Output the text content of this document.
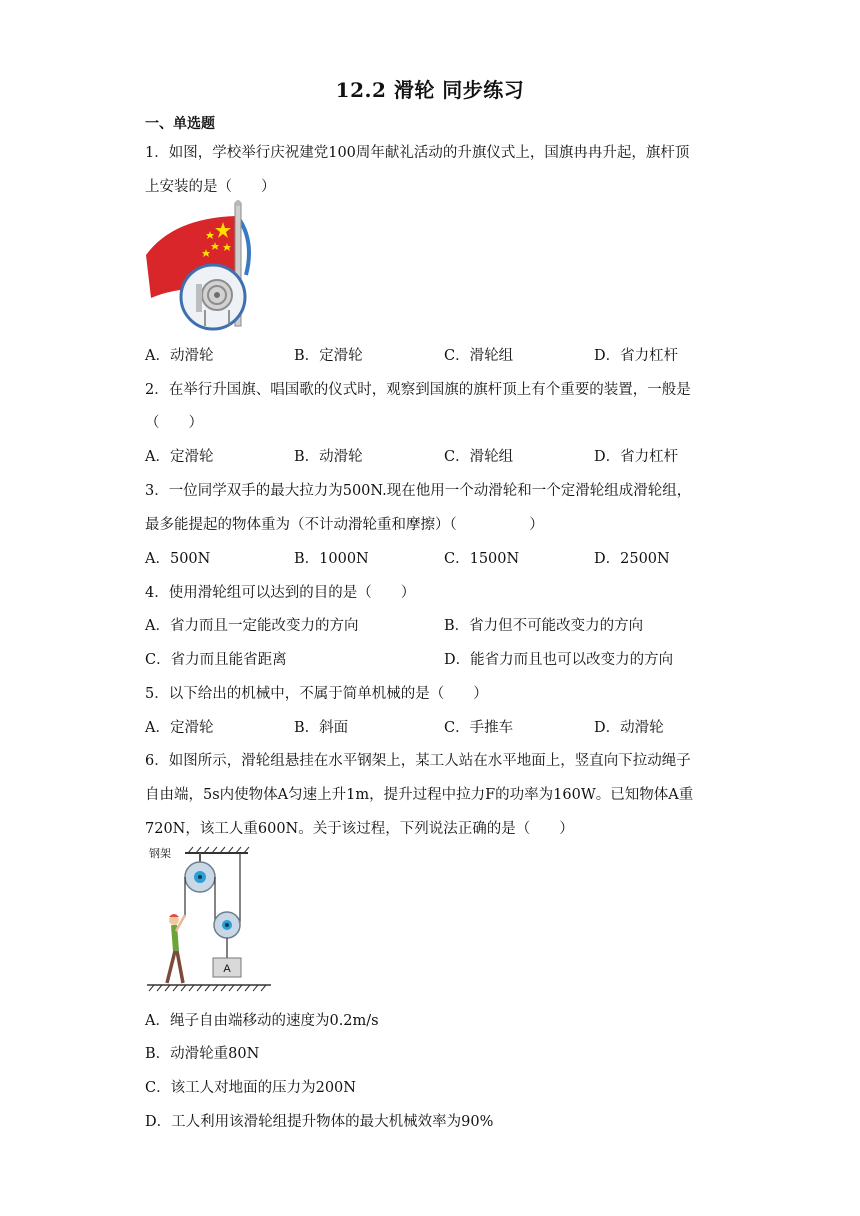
12.2 滑轮 同步练习
一、单选题
1．如图，学校举行庆祝建党100周年献礼活动的升旗仪式上，国旗冉冉升起，旗杆顶
上安装的是（　　）
A．动滑轮	B．定滑轮	C．滑轮组	D．省力杠杆
2．在举行升国旗、唱国歌的仪式时，观察到国旗的旗杆顶上有个重要的装置，一般是
（　　）
A．定滑轮	B．动滑轮	C．滑轮组	D．省力杠杆
3．一位同学双手的最大拉力为500N.现在他用一个动滑轮和一个定滑轮组成滑轮组，
最多能提起的物体重为（不计动滑轮重和摩擦）（　　　　　）
A．500N	B．1000N	C．1500N	D．2500N
4．使用滑轮组可以达到的目的是（　　）
A．省力而且一定能改变力的方向	B．省力但不可能改变力的方向
C．省力而且能省距离	D．能省力而且也可以改变力的方向
5．以下给出的机械中，不属于简单机械的是（　　）
A．定滑轮	B．斜面	C．手推车	D．动滑轮
6．如图所示，滑轮组悬挂在水平钢架上，某工人站在水平地面上，竖直向下拉动绳子
自由端，5s内使物体A匀速上升1m，提升过程中拉力F的功率为160W。已知物体A重
720N，该工人重600N。关于该过程，下列说法正确的是（　　）
钢架
A
A．绳子自由端移动的速度为0.2m/s
B．动滑轮重80N
C．该工人对地面的压力为200N
D．工人利用该滑轮组提升物体的最大机械效率为90%
